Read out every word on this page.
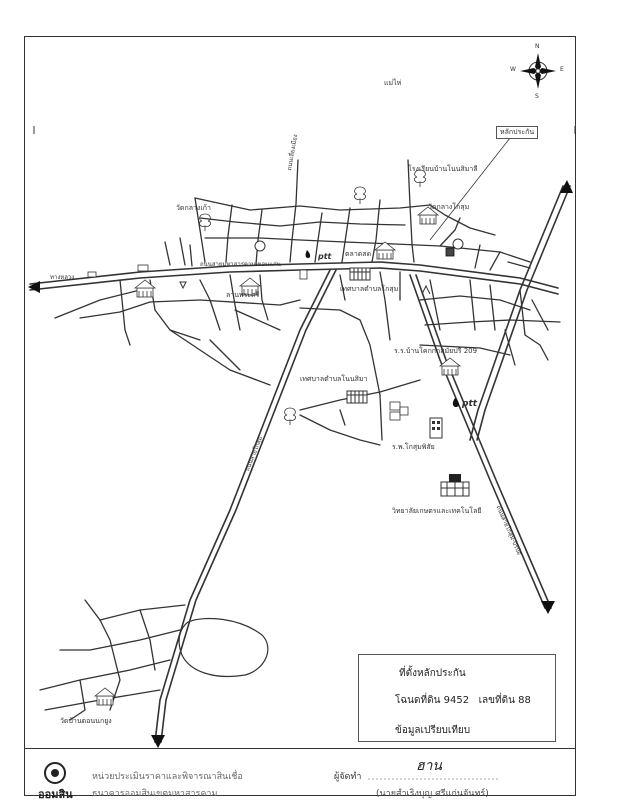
แม่ไห่
N
S
E
W
หลักประกัน
โรงเรียนบ้านโนนสิมาลี
วัดกลางโกสุม
วัดกลางเก้า
ตลาดสด
เทศบาลตำบลโกสุม
ร.ร.บ้านโคกกกสมัยปรี 209
เทศบาลตำบลโนนสิมา
ร.พ.โกสุมพิสัย
วิทยาลัยเกษตรและเทคโนโลยี
ทางหลวง
ถนนสายมหาสารคาม-ขอนแก่น
ถนนเลี่ยงเมือง
ถนนสายโกสุม
ถนนสายโกสุม-บรบือ
วัดบ้านดอนนกยูง
ลานพระศรี
ptt
ptt
ที่ตั้งหลักประกัน
โฉนดที่ดิน 9452 เลขที่ดิน 88
ข้อมูลเปรียบเทียบ
ออมสิน
หน่วยประเมินราคาและพิจารณาสินเชื่อ
ธนาคารออมสินเขตมหาสารคาม
ผู้จัดทำ
ฮาน
(นายสำเริงบุญ ศรีแก่นจันทร์)
